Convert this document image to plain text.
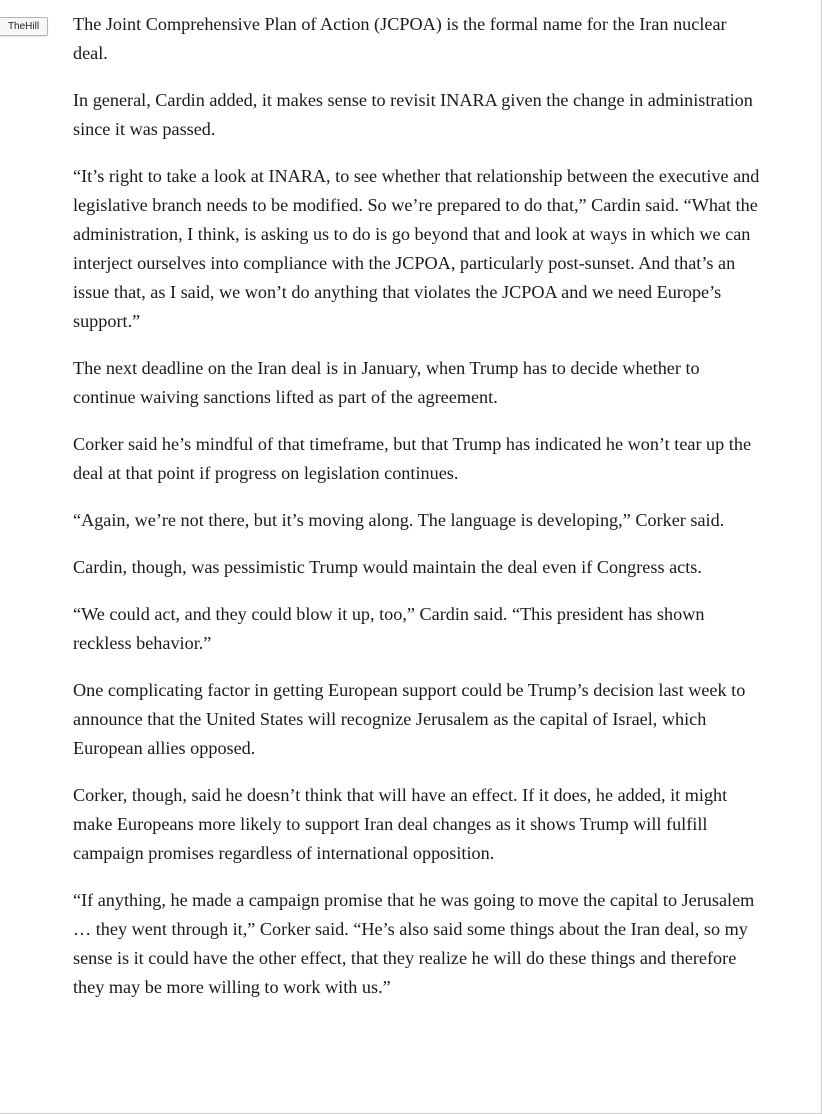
TheHill	The Joint Comprehensive Plan of Action (JCPOA) is the formal name for the Iran nuclear deal.

In general, Cardin added, it makes sense to revisit INARA given the change in administration since it was passed.

“It’s right to take a look at INARA, to see whether that relationship between the executive and legislative branch needs to be modified. So we’re prepared to do that,” Cardin said. “What the administration, I think, is asking us to do is go beyond that and look at ways in which we can interject ourselves into compliance with the JCPOA, particularly post-sunset. And that’s an issue that, as I said, we won’t do anything that violates the JCPOA and we need Europe’s support.”

The next deadline on the Iran deal is in January, when Trump has to decide whether to continue waiving sanctions lifted as part of the agreement.

Corker said he’s mindful of that timeframe, but that Trump has indicated he won’t tear up the deal at that point if progress on legislation continues.

“Again, we’re not there, but it’s moving along. The language is developing,” Corker said.

Cardin, though, was pessimistic Trump would maintain the deal even if Congress acts.

“We could act, and they could blow it up, too,” Cardin said. “This president has shown reckless behavior.”

One complicating factor in getting European support could be Trump’s decision last week to announce that the United States will recognize Jerusalem as the capital of Israel, which European allies opposed.

Corker, though, said he doesn’t think that will have an effect. If it does, he added, it might make Europeans more likely to support Iran deal changes as it shows Trump will fulfill campaign promises regardless of international opposition.

“If anything, he made a campaign promise that he was going to move the capital to Jerusalem … they went through it,” Corker said. “He’s also said some things about the Iran deal, so my sense is it could have the other effect, that they realize he will do these things and therefore they may be more willing to work with us.”
